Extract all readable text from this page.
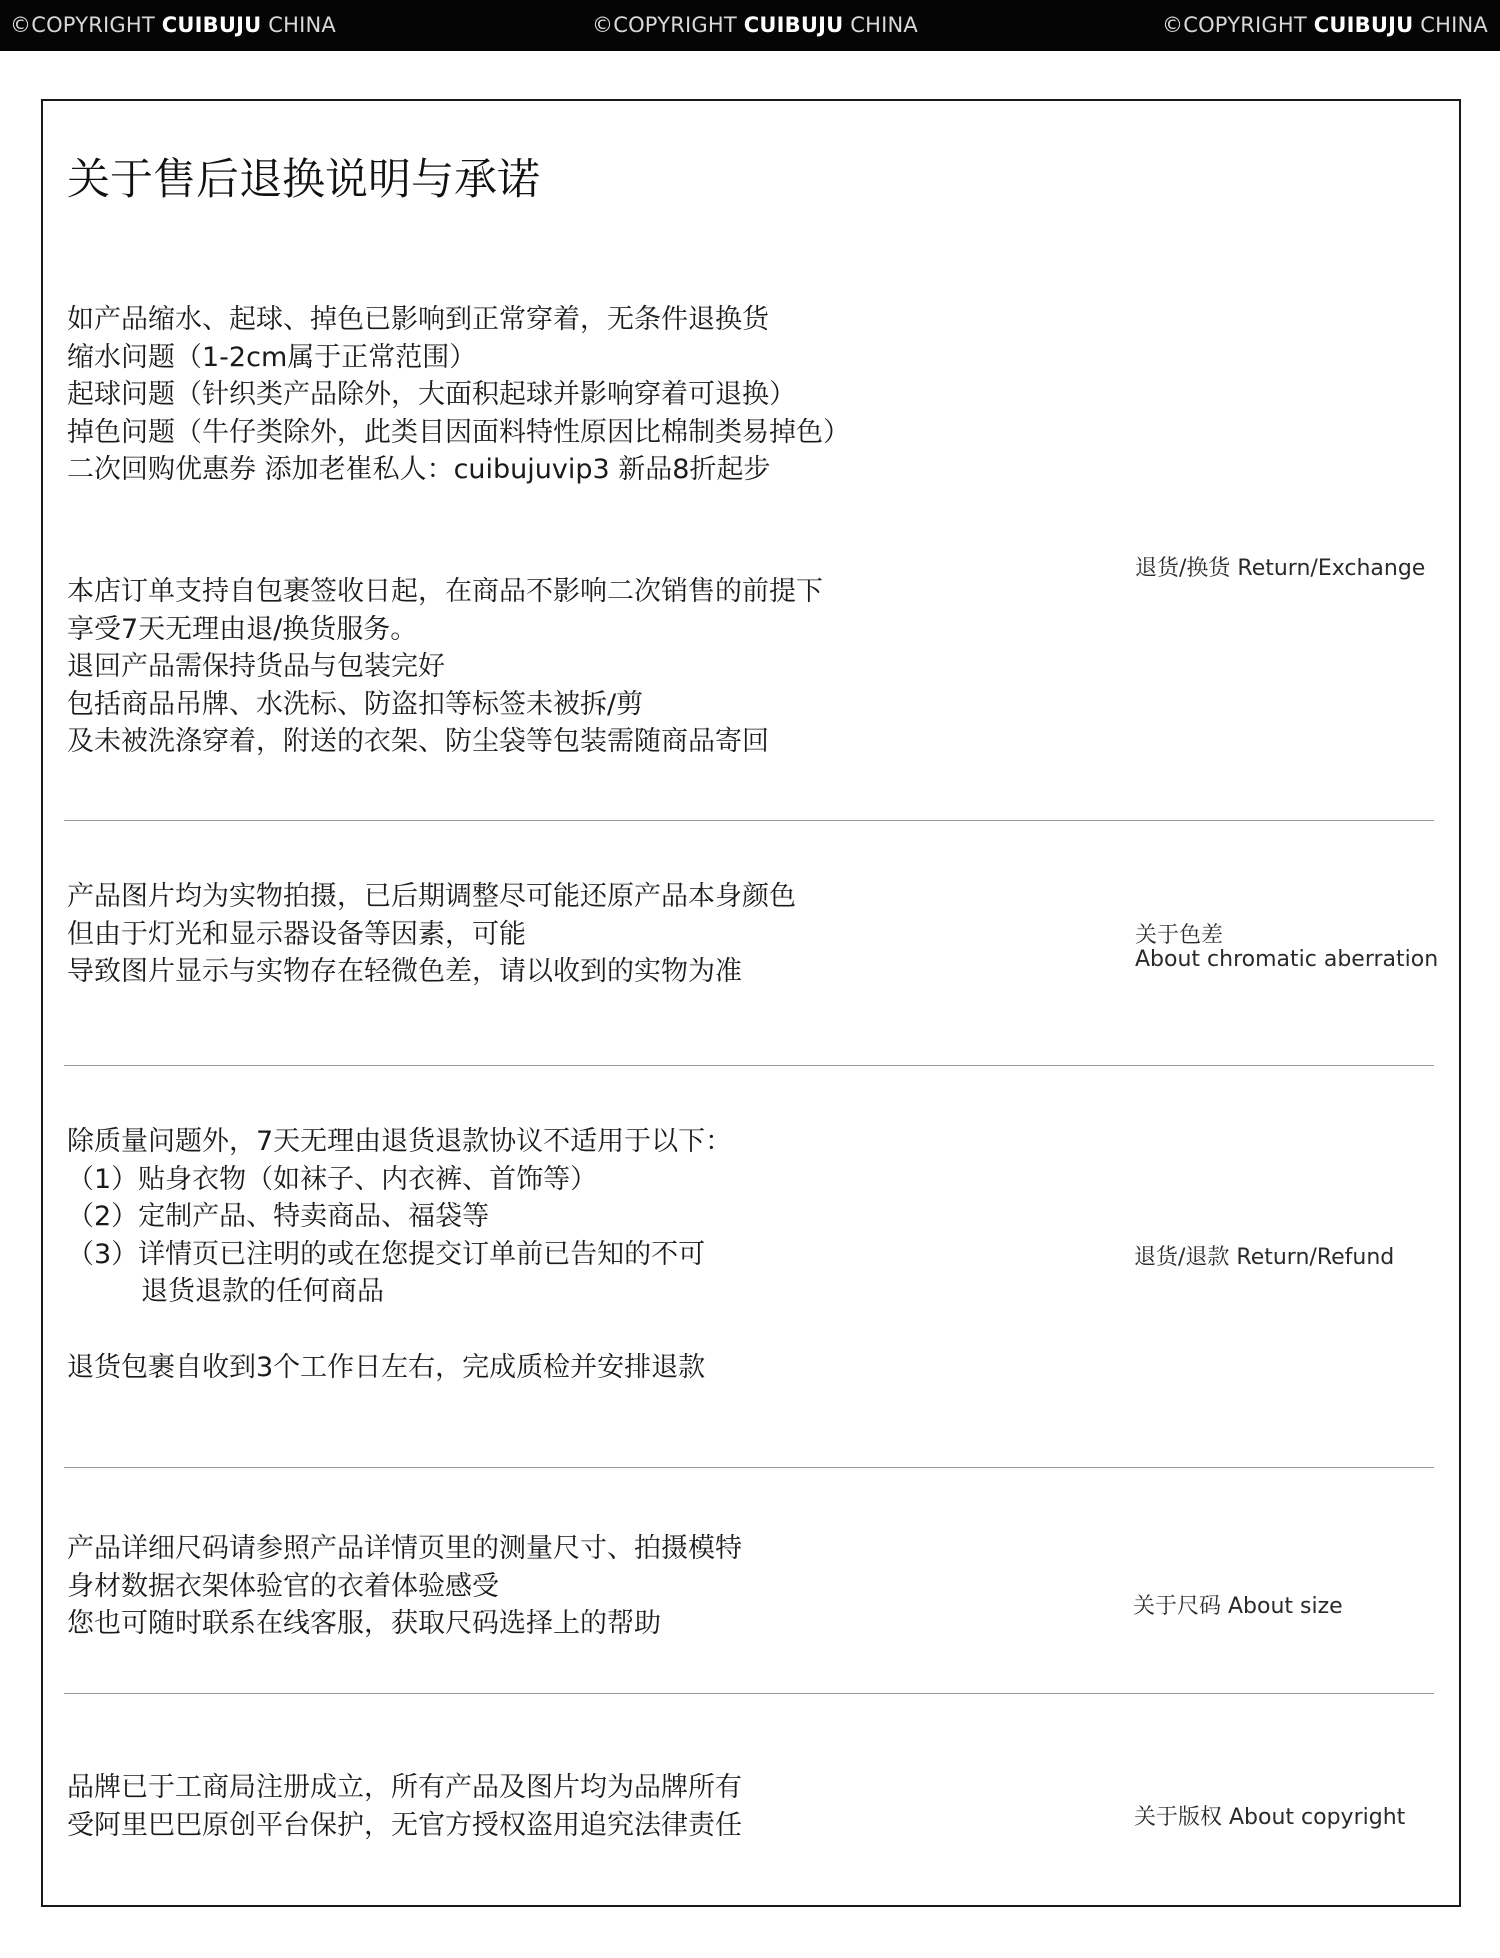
©COPYRIGHT CUIBUJU CHINA	©COPYRIGHT CUIBUJU CHINA	©COPYRIGHT CUIBUJU CHINA
关于售后退换说明与承诺
如产品缩水、起球、掉色已影响到正常穿着，无条件退换货
缩水问题（1-2cm属于正常范围）
起球问题（针织类产品除外，大面积起球并影响穿着可退换）
掉色问题（牛仔类除外，此类目因面料特性原因比棉制类易掉色）
二次回购优惠券 添加老崔私人：cuibujuvip3 新品8折起步
本店订单支持自包裹签收日起，在商品不影响二次销售的前提下
享受7天无理由退/换货服务。
退回产品需保持货品与包装完好
包括商品吊牌、水洗标、防盗扣等标签未被拆/剪
及未被洗涤穿着，附送的衣架、防尘袋等包装需随商品寄回
退货/换货 Return/Exchange
产品图片均为实物拍摄，已后期调整尽可能还原产品本身颜色
但由于灯光和显示器设备等因素，可能
导致图片显示与实物存在轻微色差，请以收到的实物为准
关于色差
About chromatic aberration
除质量问题外，7天无理由退货退款协议不适用于以下：
（1）贴身衣物（如袜子、内衣裤、首饰等）
（2）定制产品、特卖商品、福袋等
（3）详情页已注明的或在您提交订单前已告知的不可
退货退款的任何商品
退货包裹自收到3个工作日左右，完成质检并安排退款
退货/退款 Return/Refund
产品详细尺码请参照产品详情页里的测量尺寸、拍摄模特
身材数据衣架体验官的衣着体验感受
您也可随时联系在线客服，获取尺码选择上的帮助
关于尺码 About size
品牌已于工商局注册成立，所有产品及图片均为品牌所有
受阿里巴巴原创平台保护，无官方授权盗用追究法律责任	关于版权 About copyright
